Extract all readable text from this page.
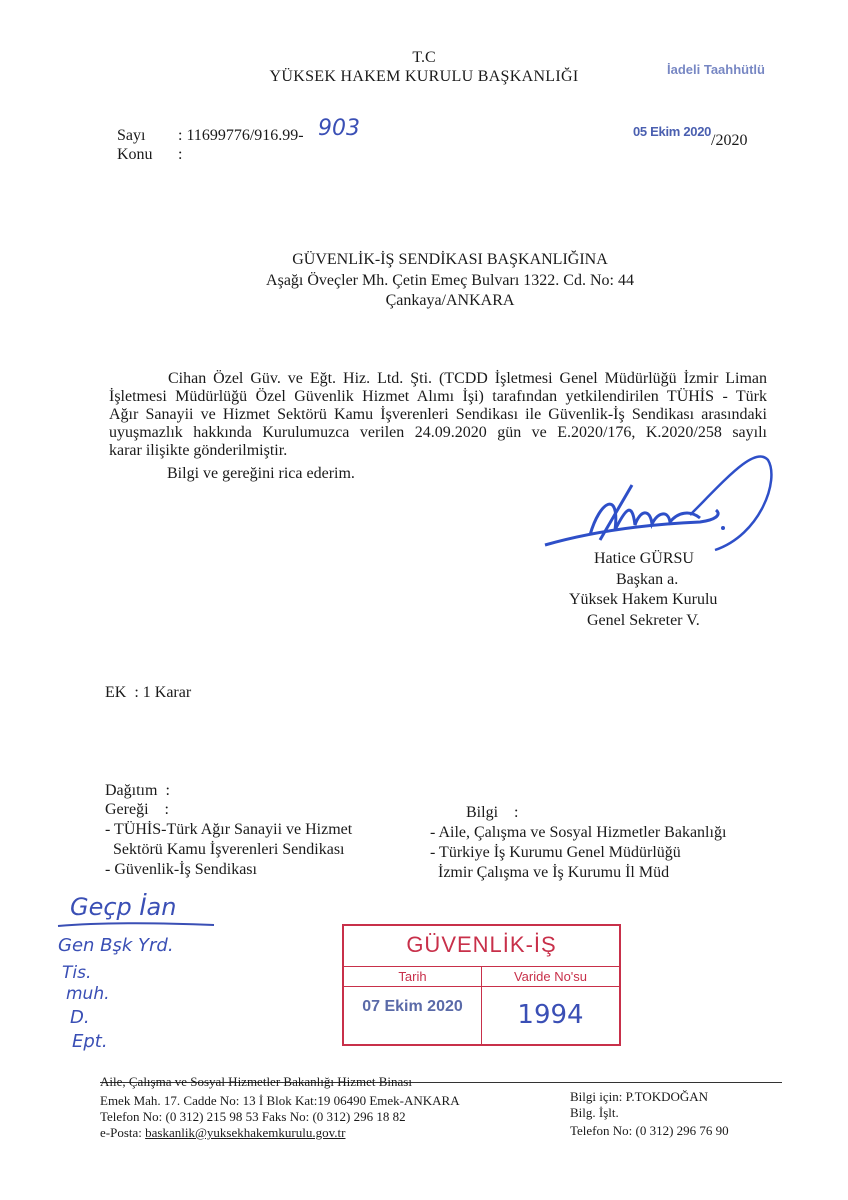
T.C
YÜKSEK HAKEM KURULU BAŞKANLIĞI	İadeli Taahhütlü
Sayı : 11699776/916.99- 903
Konu :
05 Ekim 2020
/2020
GÜVENLİK-İŞ SENDİKASI BAŞKANLIĞINA
Aşağı Öveçler Mh. Çetin Emeç Bulvarı 1322. Cd. No: 44
Çankaya/ANKARA
Cihan Özel Güv. ve Eğt. Hiz. Ltd. Şti. (TCDD İşletmesi Genel Müdürlüğü İzmir Liman
İşletmesi Müdürlüğü Özel Güvenlik Hizmet Alımı İşi) tarafından yetkilendirilen TÜHİS - Türk
Ağır Sanayii ve Hizmet Sektörü Kamu İşverenleri Sendikası ile Güvenlik-İş Sendikası arasındaki
uyuşmazlık hakkında Kurulumuzca verilen 24.09.2020 gün ve E.2020/176, K.2020/258 sayılı
karar ilişikte gönderilmiştir.
Bilgi ve gereğini rica ederim.
Hatice GÜRSU
Başkan a.
Yüksek Hakem Kurulu
Genel Sekreter V.
EK  : 1 Karar
Dağıtım  :
Gereği    :
- TÜHİS-Türk Ağır Sanayii ve Hizmet
Sektörü Kamu İşverenleri Sendikası
- Güvenlik-İş Sendikası
Bilgi    :
- Aile, Çalışma ve Sosyal Hizmetler Bakanlığı
- Türkiye İş Kurumu Genel Müdürlüğü
İzmir Çalışma ve İş Kurumu İl Müd
Geçp İan
Gen Bşk Yrd.
Tis.
muh.
D.
Ept.
GÜVENLİK-İŞ
Tarih	Varide No'su
07 Ekim 2020	1994
Aile, Çalışma ve Sosyal Hizmetler Bakanlığı Hizmet Binası
Emek Mah. 17. Cadde No: 13 İ Blok Kat:19 06490 Emek-ANKARA
Telefon No: (0 312) 215 98 53 Faks No: (0 312) 296 18 82
e-Posta: baskanlik@yuksekhakemkurulu.gov.tr
Bilgi için: P.TOKDOĞAN
Bilg. İşlt.
Telefon No: (0 312) 296 76 90
